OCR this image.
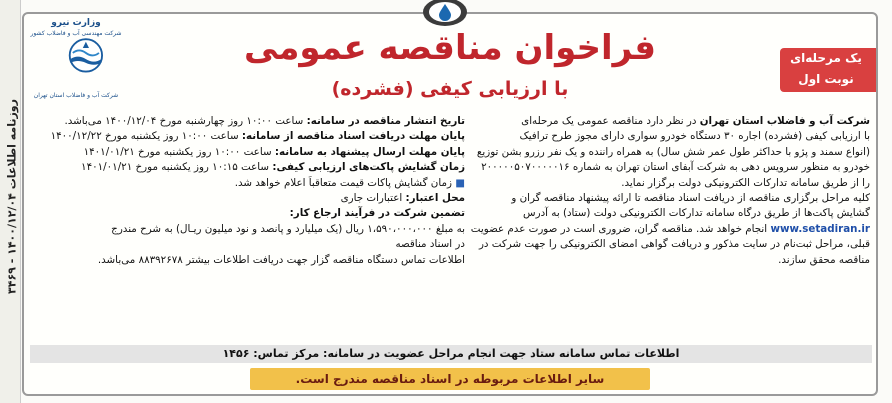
روزنامه اطلاعات ۱۴۰۰/۱۲/۰۴ - ۳۴۶۹
وزارت نیرو
شرکت مهندسی آب و فاضلاب کشور
شرکت آب و فاضلاب استان تهران
فراخوان مناقصه عمومی
با ارزیابی کیفی (فشرده)
یک مرحله‌ای
نوبت اول
شرکت آب و فاضلاب استان تهران در نظر دارد مناقصه عمومی یک مرحله‌ای
با ارزیابی کیفی (فشرده) اجاره ۳۰ دستگاه خودرو سواری دارای مجوز طرح ترافیک
(انواع سمند و پژو با حداکثر طول عمر شش سال) به همراه راننده و یک نفر رزرو بشن توزیع
خودرو به منظور سرویس دهی به شرکت آبفای استان تهران به شماره ۲۰۰۰۰۰۵۰۷۰۰۰۰۰۱۶
را از طریق سامانه تدارکات الکترونیکی دولت برگزار نماید.
کلیه مراحل برگزاری مناقصه از دریافت اسناد مناقصه تا ارائه پیشنهاد مناقصه گران و
گشایش پاکت‌ها از طریق درگاه سامانه تدارکات الکترونیکی دولت (ستاد) به آدرس
www.setadiran.ir انجام خواهد شد. مناقصه گران، ضروری است در صورت عدم عضویت
قبلی، مراحل ثبت‌نام در سایت مذکور و دریافت گواهی امضای الکترونیکی را جهت شرکت در
مناقصه محقق سازند.
تاریخ انتشار مناقصه در سامانه: ساعت ۱۰:۰۰ روز چهارشنبه مورخ ۱۴۰۰/۱۲/۰۴ می‌باشد.
پایان مهلت دریافت اسناد مناقصه از سامانه: ساعت ۱۰:۰۰ روز یکشنبه مورخ ۱۴۰۰/۱۲/۲۲
پایان مهلت ارسال پیشنهاد به سامانه: ساعت ۱۰:۰۰ روز یکشنبه مورخ ۱۴۰۱/۰۱/۲۱
زمان گشایش پاکت‌های ارزیابی کیفی: ساعت ۱۰:۱۵ روز یکشنبه مورخ ۱۴۰۱/۰۱/۲۱
■ زمان گشایش پاکات قیمت متعاقباً اعلام خواهد شد.
محل اعتبار: اعتبارات جاری
تضمین شرکت در فرآیند ارجاع کار:
به مبلغ ۱،۵۹۰،۰۰۰،۰۰۰ ریال (یک میلیارد و پانصد و نود میلیون ریـال) به شرح مندرج
در اسناد مناقصه
اطلاعات تماس دستگاه مناقصه گزار جهت دریافت اطلاعات بیشتر ۸۸۳۹۲۶۷۸ می‌باشد.
اطلاعات تماس سامانه ستاد جهت انجام مراحل عضویت در سامانه: مرکز تماس: ۱۴۵۶
سایر اطلاعات مربوطه در اسناد مناقصه مندرج است.
